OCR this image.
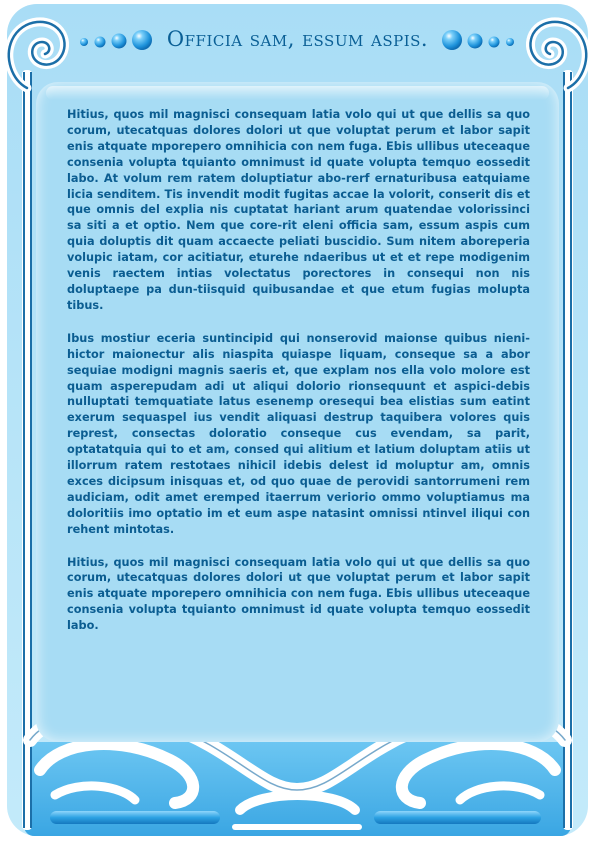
Officia sam, essum aspis.

Hitius, quos mil magnisci consequam latia volo qui ut que dellis sa quo corum, utecatquas dolores dolori ut que voluptat perum et labor sapit enis atquate mporepero omnihicia con nem fuga. Ebis ullibus uteceaque consenia volupta tquianto omnimust id quate volupta temquo eossedit labo. At volum rem ratem doluptiatur abo-rerf ernaturibusa eatquiame licia senditem. Tis invendit modit fugitas accae la volorit, conserit dis et que omnis del explia nis cuptatat hariant arum quatendae volorissinci sa siti a et optio. Nem que core-rit eleni officia sam, essum aspis cum quia doluptis dit quam accaecte peliati buscidio. Sum nitem aboreperia volupic iatam, cor acitiatur, eturehe ndaeribus ut et et repe modigenim venis raectem intias volectatus porectores in consequi non nis doluptaepe pa dun-tiisquid quibusandae et que etum fugias molupta tibus.

Ibus mostiur eceria suntincipid qui nonserovid maionse quibus nieni-hictor maionectur alis niaspita quiaspe liquam, conseque sa a abor sequiae modigni magnis saeris et, que explam nos ella volo molore est quam asperepudam adi ut aliqui dolorio rionsequunt et aspici-debis nulluptati temquatiate latus esenemp oresequi bea elistias sum eatint exerum sequaspel ius vendit aliquasi destrup taquibera volores quis represt, consectas doloratio conseque cus evendam, sa parit, optatatquia qui to et am, consed qui alitium et latium doluptam atiis ut illorrum ratem restotaes nihicil idebis delest id moluptur am, omnis exces dicipsum inisquas et, od quo quae de perovidi santorrumeni rem audiciam, odit amet eremped itaerrum veriorio ommo voluptiamus ma doloritiis imo optatio im et eum aspe natasint omnissi ntinvel iliqui con rehent mintotas.

Hitius, quos mil magnisci consequam latia volo qui ut que dellis sa quo corum, utecatquas dolores dolori ut que voluptat perum et labor sapit enis atquate mporepero omnihicia con nem fuga. Ebis ullibus uteceaque consenia volupta tquianto omnimust id quate volupta temquo eossedit labo.
